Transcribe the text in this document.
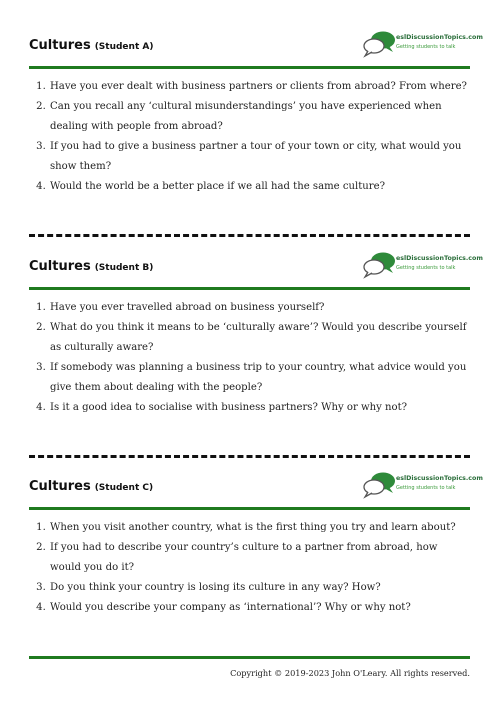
Cultures (Student A)
eslDiscussionTopics.com
Getting students to talk
1. Have you ever dealt with business partners or clients from abroad? From where?
2. Can you recall any ‘cultural misunderstandings’ you have experienced when dealing with people from abroad?
3. If you had to give a business partner a tour of your town or city, what would you show them?
4. Would the world be a better place if we all had the same culture?
Cultures (Student B)
eslDiscussionTopics.com
Getting students to talk
1. Have you ever travelled abroad on business yourself?
2. What do you think it means to be ‘culturally aware’? Would you describe yourself as culturally aware?
3. If somebody was planning a business trip to your country, what advice would you give them about dealing with the people?
4. Is it a good idea to socialise with business partners? Why or why not?
Cultures (Student C)
eslDiscussionTopics.com
Getting students to talk
1. When you visit another country, what is the first thing you try and learn about?
2. If you had to describe your country’s culture to a partner from abroad, how would you do it?
3. Do you think your country is losing its culture in any way? How?
4. Would you describe your company as ‘international’? Why or why not?
Copyright © 2019-2023 John O'Leary. All rights reserved.
